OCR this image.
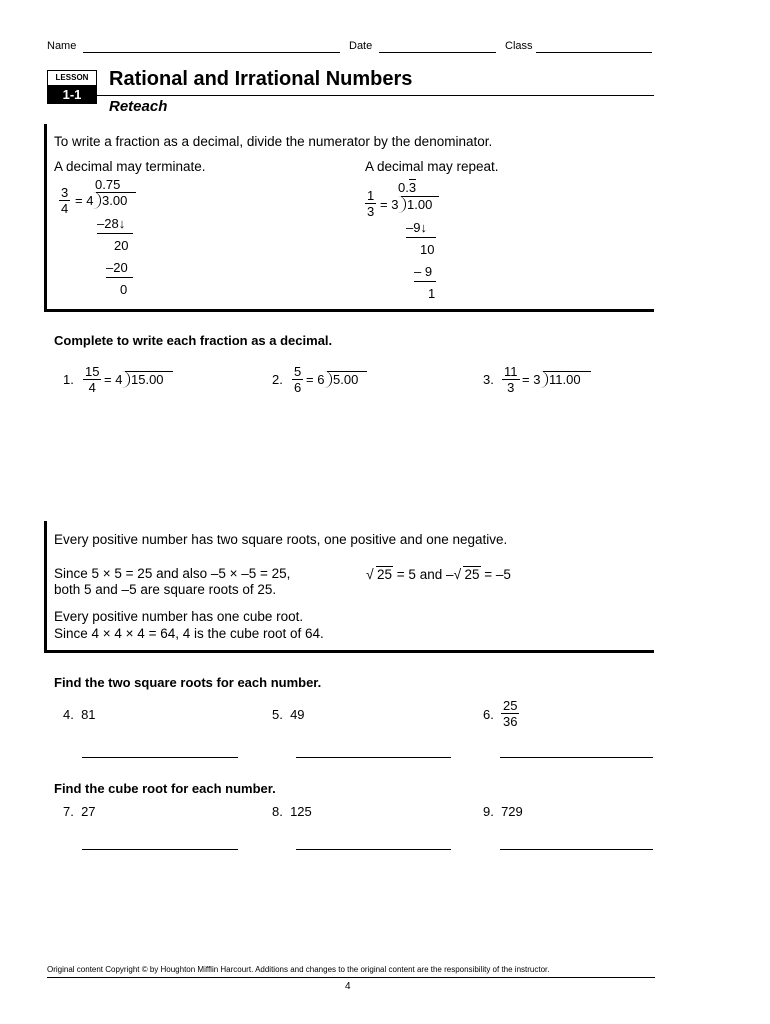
Name	Date	Class
LESSON
1-1
Rational and Irrational Numbers
Reteach
To write a fraction as a decimal, divide the numerator by the denominator.
A decimal may terminate.	A decimal may repeat.
0.75
$\frac{3}{4} = 4$ 3.00
–28↓
20
–20
0
0.3
$\frac{1}{3} = 3$ 1.00
–9↓
10
– 9
1
Complete to write each fraction as a decimal.
1. $\frac{15}{4} = 4$ 15.00	2. $\frac{5}{6} = 6$ 5.00	3. $\frac{11}{3} = 3$ 11.00
Every positive number has two square roots, one positive and one negative.
Since 5 × 5 = 25 and also –5 × –5 = 25,
both 5 and –5 are square roots of 25.
√ 25 = 5 and –√ 25 = –5
Every positive number has one cube root.
Since 4 × 4 × 4 = 64, 4 is the cube root of 64.
Find the two square roots for each number.
4. 81	5. 49	6. $\frac{25}{36}$
Find the cube root for each number.
7. 27	8. 125	9. 729
Original content Copyright © by Houghton Mifflin Harcourt. Additions and changes to the original content are the responsibility of the instructor.
4
